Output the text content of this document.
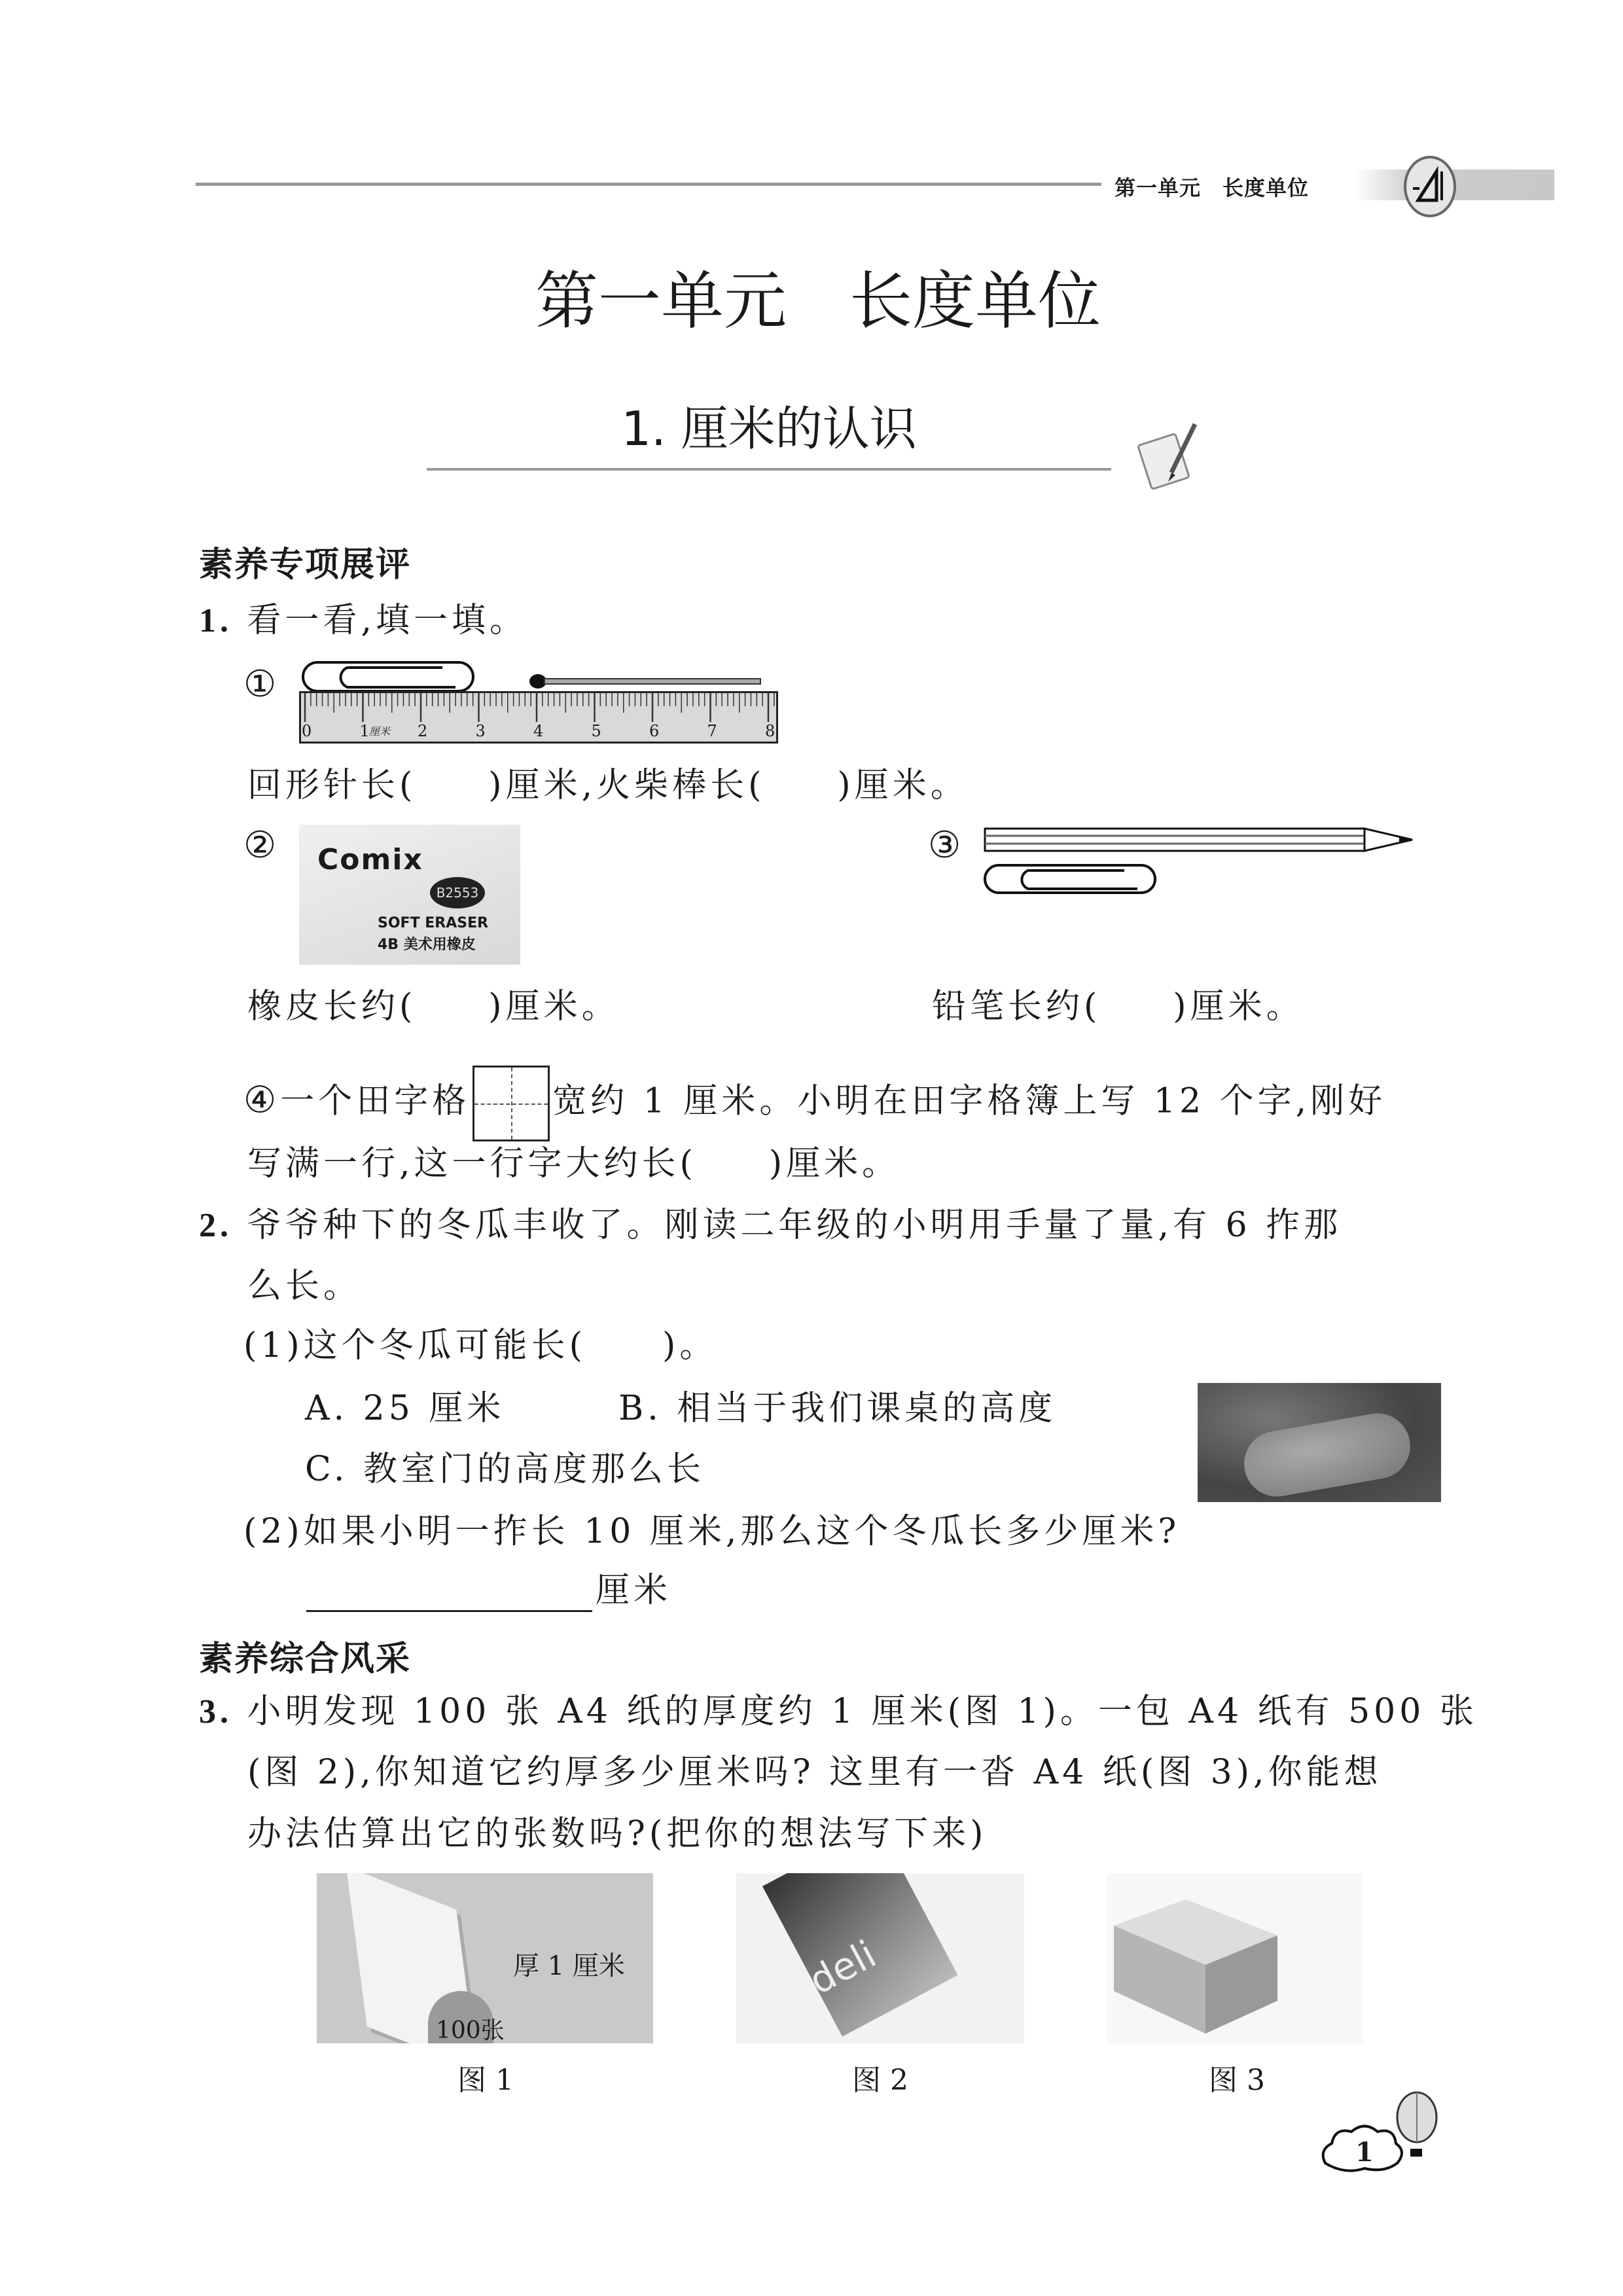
第一单元　长度单位
第一单元　长度单位
1. 厘米的认识
素养专项展评
1. 看一看,填一填。
①
0	1	2	3	4	5	6	7	8
厘米
回形针长( )厘米,火柴棒长( )厘米。
② Comix
B2553
SOFT ERASER
4B 美术用橡皮
③
橡皮长约( )厘米。	铅笔长约( )厘米。
④一个田字格 宽约 1 厘米。小明在田字格簿上写 12 个字,刚好
写满一行,这一行字大约长( )厘米。
2. 爷爷种下的冬瓜丰收了。刚读二年级的小明用手量了量,有 6 拃那
么长。
(1)这个冬瓜可能长(　　)。
A. 25 厘米	B. 相当于我们课桌的高度
C. 教室门的高度那么长
(2)如果小明一拃长 10 厘米,那么这个冬瓜长多少厘米?
厘米
素养综合风采
3. 小明发现 100 张 A4 纸的厚度约 1 厘米(图 1)。一包 A4 纸有 500 张
(图 2),你知道它约厚多少厘米吗? 这里有一沓 A4 纸(图 3),你能想
办法估算出它的张数吗?(把你的想法写下来)
厚 1 厘米
100张
deli
图 1	图 2	图 3
1
